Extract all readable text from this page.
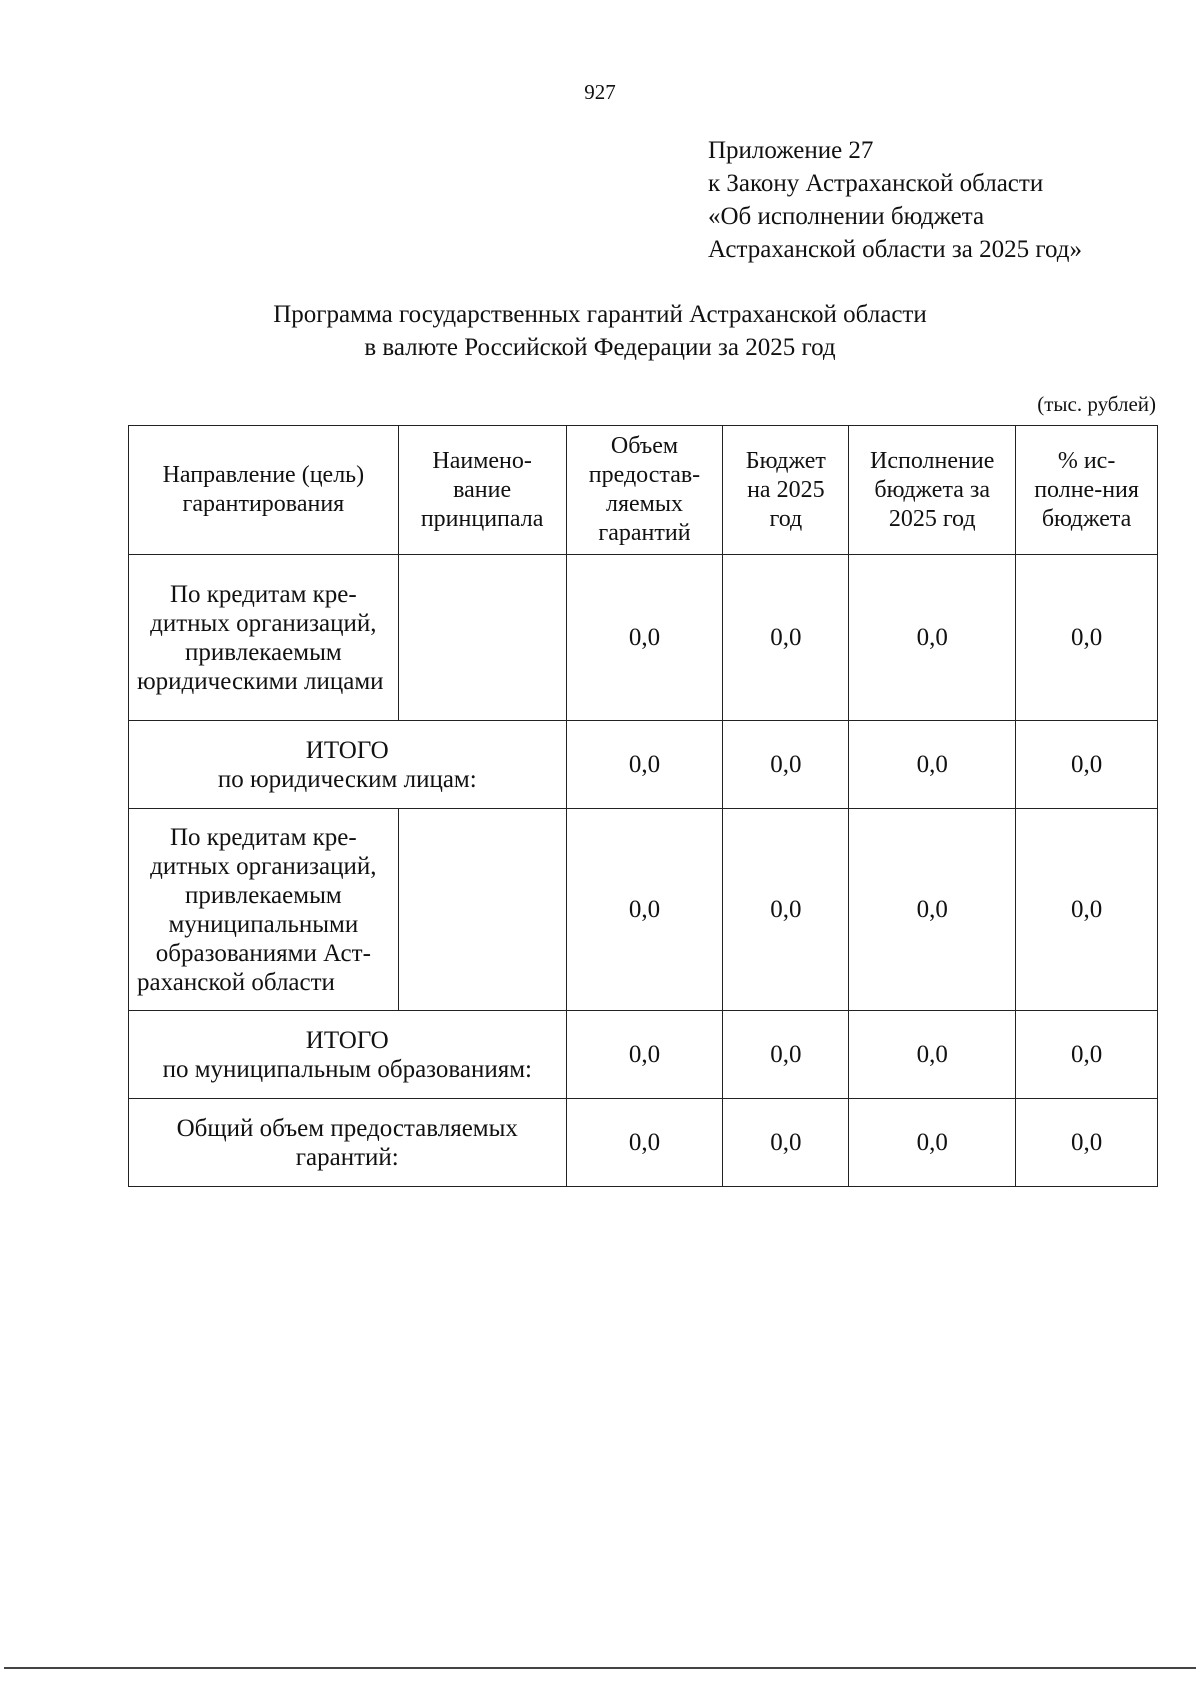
927
Приложение 27
к Закону Астраханской области
«Об исполнении бюджета
Астраханской области за 2025 год»
Программа государственных гарантий Астраханской области
в валюте Российской Федерации за 2025 год
(тыс. рублей)
Направление (цель) гарантирования	Наимено-вание принципала	Объем предостав-ляемых гарантий	Бюджет на 2025 год	Исполнение бюджета за 2025 год	% ис-полне-ния бюджета
По кредитам кредитных организаций, привлекаемым юридическими лицами		0,0	0,0	0,0	0,0

ИТОГО
по юридическим лицам:		0,0	0,0	0,0	0,0
По кредитам кредитных организаций, привлекаемым муниципальными образованиями Астраханской области		0,0	0,0	0,0	0,0

ИТОГО
по муниципальным образованиям:		0,0	0,0	0,0	0,0
Общий объем предоставляемых гарантий:		0,0	0,0	0,0	0,0
